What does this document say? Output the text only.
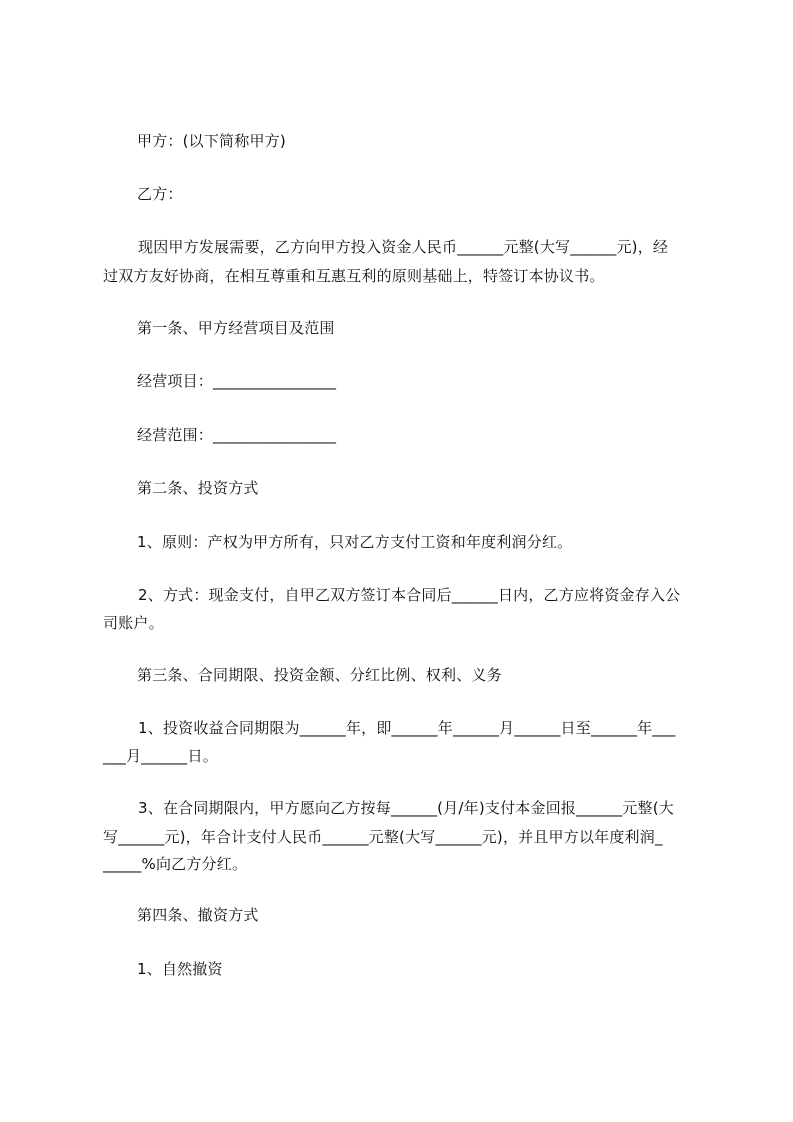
甲方：(以下简称甲方)

乙方：

现因甲方发展需要，乙方向甲方投入资金人民币______元整(大写______元)，经

过双方友好协商，在相互尊重和互惠互利的原则基础上，特签订本协议书。

第一条、甲方经营项目及范围

经营项目：________________

经营范围：________________

第二条、投资方式

1、原则：产权为甲方所有，只对乙方支付工资和年度利润分红。

2、方式：现金支付，自甲乙双方签订本合同后______日内，乙方应将资金存入公

司账户。

第三条、合同期限、投资金额、分红比例、权利、义务

1、投资收益合同期限为______年，即______年______月______日至______年___

___月______日。

3、在合同期限内，甲方愿向乙方按每______(月/年)支付本金回报______元整(大

写______元)，年合计支付人民币______元整(大写______元)，并且甲方以年度利润_

_____%向乙方分红。

第四条、撤资方式

1、自然撤资
